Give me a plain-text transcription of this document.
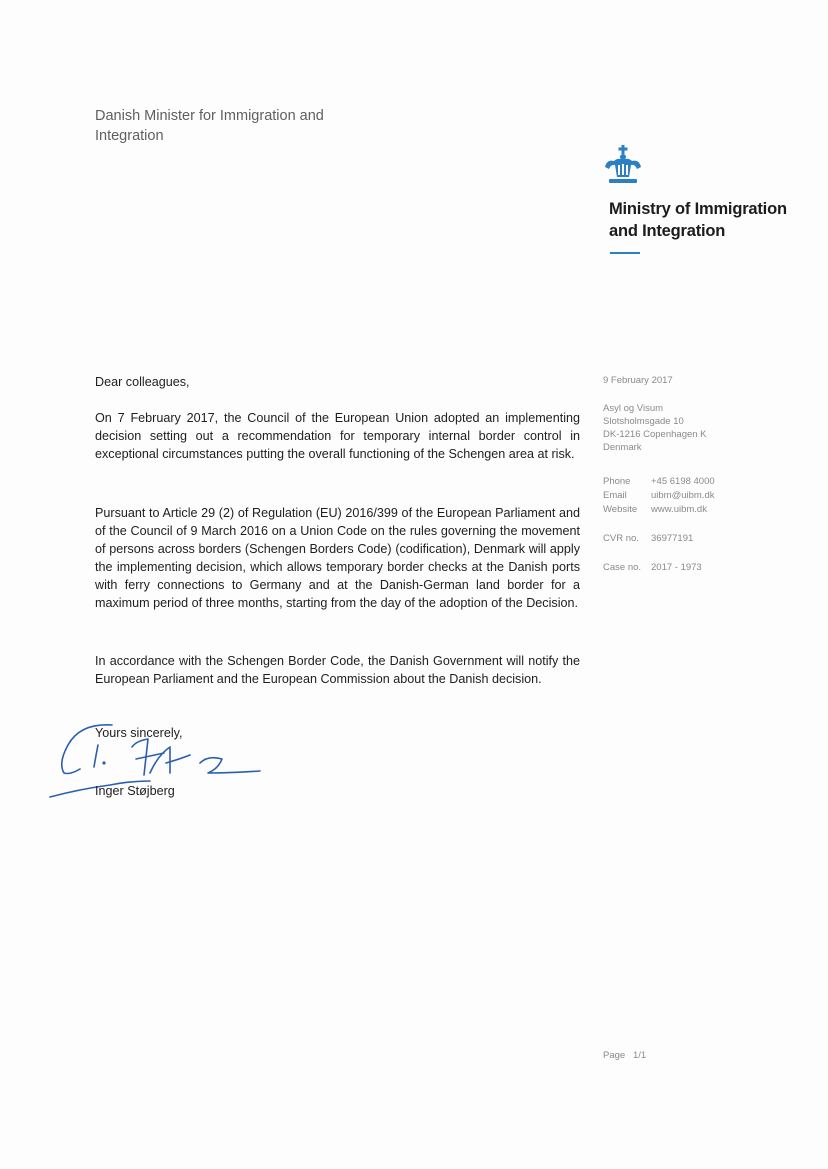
Danish Minister for Immigration and
Integration
Ministry of Immigration
and Integration
Dear colleagues,
On 7 February 2017, the Council of the European Union adopted an implementing decision setting out a recommendation for temporary internal border control in exceptional circumstances putting the overall functioning of the Schengen area at risk.
Pursuant to Article 29 (2) of Regulation (EU) 2016/399 of the European Parliament and of the Council of 9 March 2016 on a Union Code on the rules governing the movement of persons across borders (Schengen Borders Code) (codification), Denmark will apply the implementing decision, which allows temporary border checks at the Danish ports with ferry connections to Germany and at the Danish-German land border for a maximum period of three months, starting from the day of the adoption of the Decision.
In accordance with the Schengen Border Code, the Danish Government will notify the European Parliament and the European Commission about the Danish decision.
Yours sincerely,
Inger Støjberg
9 February 2017
Asyl og Visum
Slotsholmsgade 10
DK-1216 Copenhagen K
Denmark
Phone +45 6198 4000
Email	uibm@uibm.dk
Website www.uibm.dk
CVR no. 36977191
Case no. 2017 - 1973
Page 1/1
